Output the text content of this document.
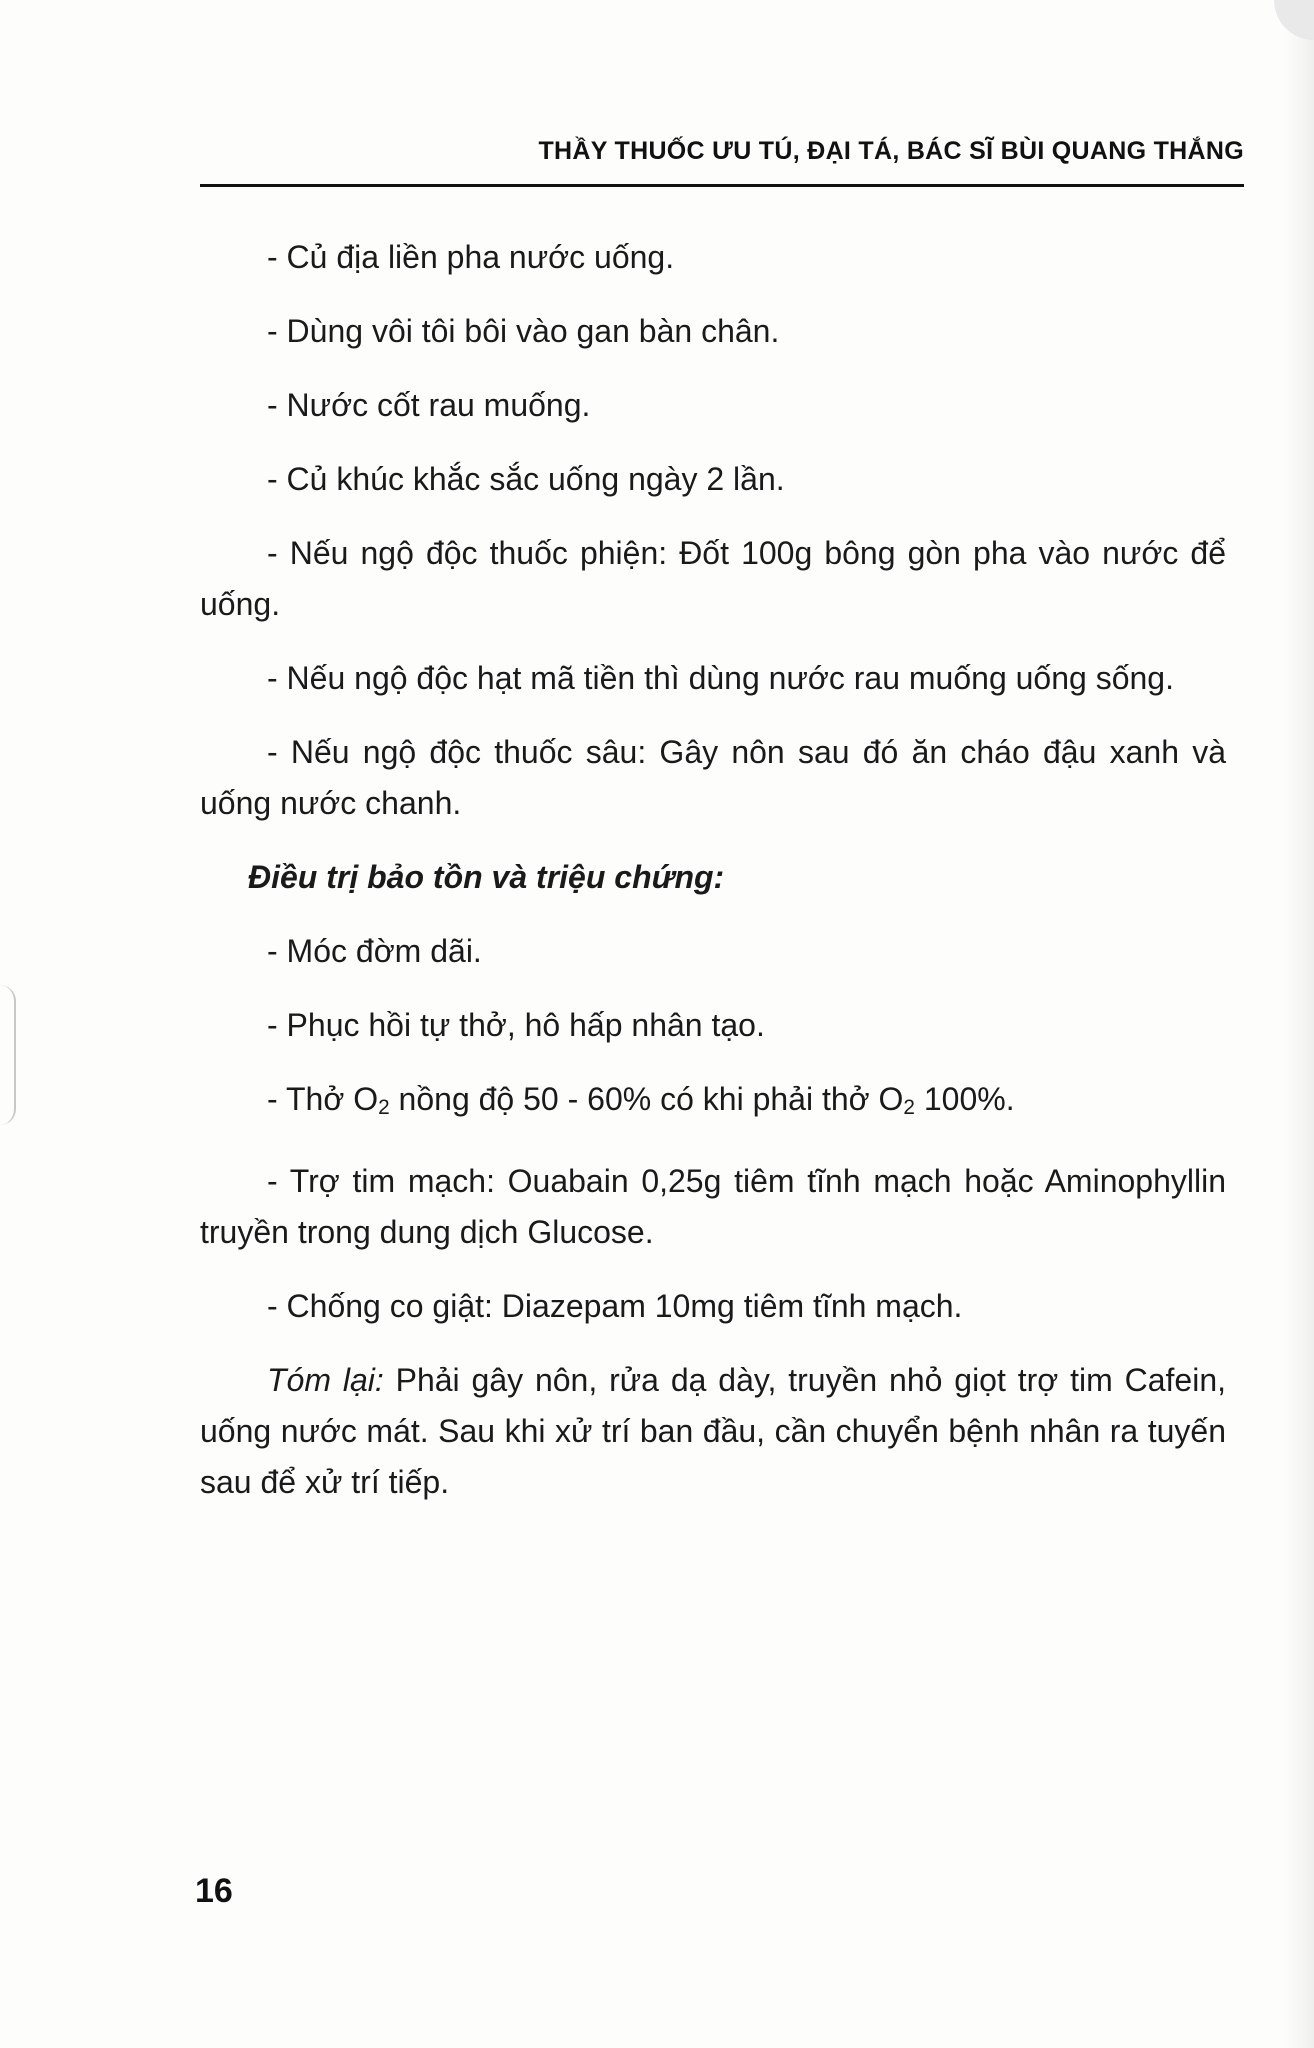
THẦY THUỐC ƯU TÚ, ĐẠI TÁ, BÁC SĨ BÙI QUANG THẮNG

- Củ địa liền pha nước uống.

- Dùng vôi tôi bôi vào gan bàn chân.

- Nước cốt rau muống.

- Củ khúc khắc sắc uống ngày 2 lần.

- Nếu ngộ độc thuốc phiện: Đốt 100g bông gòn pha vào nước để uống.

- Nếu ngộ độc hạt mã tiền thì dùng nước rau muống uống sống.

- Nếu ngộ độc thuốc sâu: Gây nôn sau đó ăn cháo đậu xanh và uống nước chanh.

Điều trị bảo tồn và triệu chứng:

- Móc đờm dãi.

- Phục hồi tự thở, hô hấp nhân tạo.

- Thở $O_2$ nồng độ 50 - 60% có khi phải thở $O_2$ 100%.

- Trợ tim mạch: Ouabain 0,25g tiêm tĩnh mạch hoặc Aminophyllin truyền trong dung dịch Glucose.

- Chống co giật: Diazepam 10mg tiêm tĩnh mạch.

Tóm lại: Phải gây nôn, rửa dạ dày, truyền nhỏ giọt trợ tim Cafein, uống nước mát. Sau khi xử trí ban đầu, cần chuyển bệnh nhân ra tuyến sau để xử trí tiếp.

16
